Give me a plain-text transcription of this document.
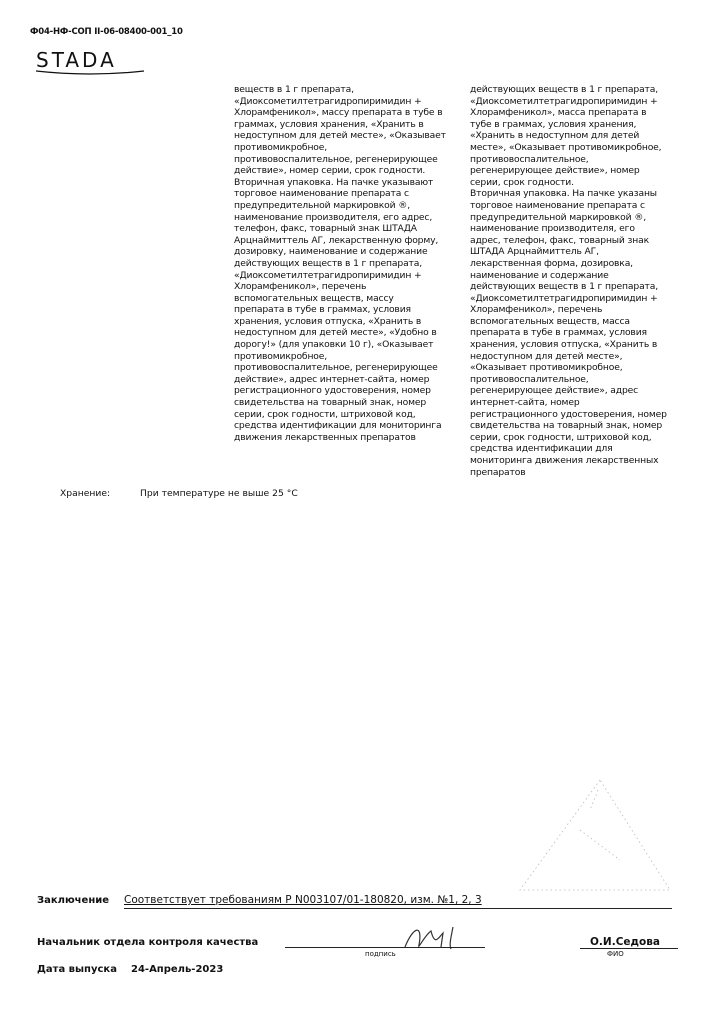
Ф04-НФ-СОП II-06-08400-001_10
STADA
веществ в 1 г препарата,
«Диоксометилтетрагидропиримидин +
Хлорамфеникол», массу препарата в тубе в
граммах, условия хранения, «Хранить в
недоступном для детей месте», «Оказывает
противомикробное,
противовоспалительное, регенерирующее
действие», номер серии, срок годности.
Вторичная упаковка. На пачке указывают
торговое наименование препарата с
предупредительной маркировкой ®,
наименование производителя, его адрес,
телефон, факс, товарный знак ШТАДА
Арцнаймиттель АГ, лекарственную форму,
дозировку, наименование и содержание
действующих веществ в 1 г препарата,
«Диоксометилтетрагидропиримидин +
Хлорамфеникол», перечень
вспомогательных веществ, массу
препарата в тубе в граммах, условия
хранения, условия отпуска, «Хранить в
недоступном для детей месте», «Удобно в
дорогу!» (для упаковки 10 г), «Оказывает
противомикробное,
противовоспалительное, регенерирующее
действие», адрес интернет-сайта, номер
регистрационного удостоверения, номер
свидетельства на товарный знак, номер
серии, срок годности, штриховой код,
средства идентификации для мониторинга
движения лекарственных препаратов
действующих веществ в 1 г препарата,
«Диоксометилтетрагидропиримидин +
Хлорамфеникол», масса препарата в
тубе в граммах, условия хранения,
«Хранить в недоступном для детей
месте», «Оказывает противомикробное,
противовоспалительное,
регенерирующее действие», номер
серии, срок годности.
Вторичная упаковка. На пачке указаны
торговое наименование препарата с
предупредительной маркировкой ®,
наименование производителя, его
адрес, телефон, факс, товарный знак
ШТАДА Арцнаймиттель АГ,
лекарственная форма, дозировка,
наименование и содержание
действующих веществ в 1 г препарата,
«Диоксометилтетрагидропиримидин +
Хлорамфеникол», перечень
вспомогательных веществ, масса
препарата в тубе в граммах, условия
хранения, условия отпуска, «Хранить в
недоступном для детей месте»,
«Оказывает противомикробное,
противовоспалительное,
регенерирующее действие», адрес
интернет-сайта, номер
регистрационного удостоверения, номер
свидетельства на товарный знак, номер
серии, срок годности, штриховой код,
средства идентификации для
мониторинга движения лекарственных
препаратов
Хранение:	При температуре не выше 25 °С
Заключение Соответствует требованиям Р N003107/01-180820, изм. №1, 2, 3
Начальник отдела контроля качества
подпись
О.И.Седова
ФИО
Дата выпуска 24-Апрель-2023
